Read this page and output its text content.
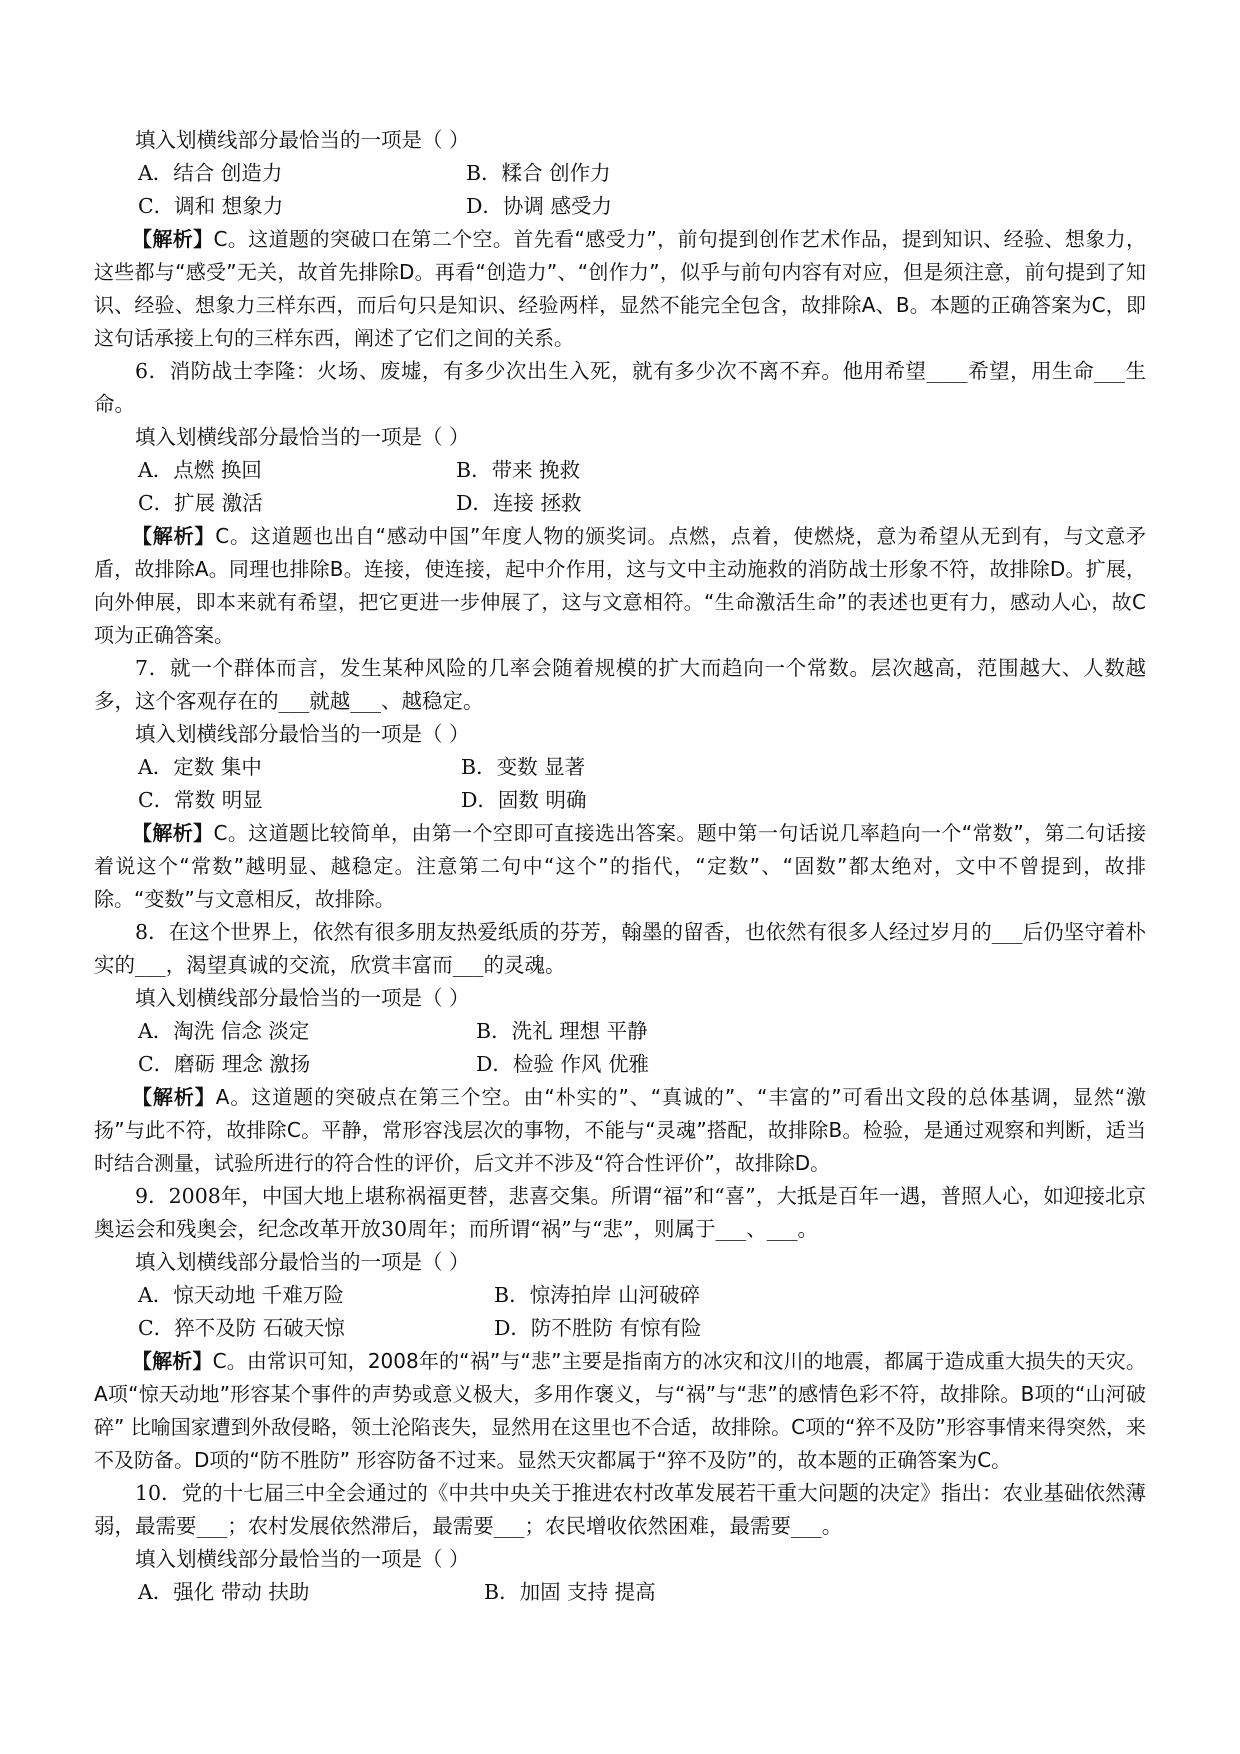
填入划横线部分最恰当的一项是（ ）

A．结合 创造力	B．糅合 创作力
C．调和 想象力	D．协调 感受力

【解析】C。这道题的突破口在第二个空。首先看“感受力”，前句提到创作艺术作品，提到知识、经验、想象力，这些都与“感受”无关，故首先排除D。再看“创造力”、“创作力”，似乎与前句内容有对应，但是须注意，前句提到了知识、经验、想象力三样东西，而后句只是知识、经验两样，显然不能完全包含，故排除A、B。本题的正确答案为C，即这句话承接上句的三样东西，阐述了它们之间的关系。

6．消防战士李隆：火场、废墟，有多少次出生入死，就有多少次不离不弃。他用希望____希望，用生命___生命。

填入划横线部分最恰当的一项是（ ）

A．点燃 换回	B．带来 挽救
C．扩展 激活	D．连接 拯救

【解析】C。这道题也出自“感动中国”年度人物的颁奖词。点燃，点着，使燃烧，意为希望从无到有，与文意矛盾，故排除A。同理也排除B。连接，使连接，起中介作用，这与文中主动施救的消防战士形象不符，故排除D。扩展，向外伸展，即本来就有希望，把它更进一步伸展了，这与文意相符。“生命激活生命”的表述也更有力，感动人心，故C项为正确答案。

7．就一个群体而言，发生某种风险的几率会随着规模的扩大而趋向一个常数。层次越高，范围越大、人数越多，这个客观存在的___就越___、越稳定。

填入划横线部分最恰当的一项是（ ）

A．定数 集中	B．变数 显著
C．常数 明显	D．固数 明确

【解析】C。这道题比较简单，由第一个空即可直接选出答案。题中第一句话说几率趋向一个“常数”，第二句话接着说这个“常数”越明显、越稳定。注意第二句中“这个”的指代，“定数”、“固数”都太绝对，文中不曾提到，故排除。“变数”与文意相反，故排除。

8．在这个世界上，依然有很多朋友热爱纸质的芬芳，翰墨的留香，也依然有很多人经过岁月的___后仍坚守着朴实的___，渴望真诚的交流，欣赏丰富而___的灵魂。

填入划横线部分最恰当的一项是（ ）

A．淘洗 信念 淡定	B．洗礼 理想 平静
C．磨砺 理念 激扬	D．检验 作风 优雅

【解析】A。这道题的突破点在第三个空。由“朴实的”、“真诚的”、“丰富的”可看出文段的总体基调，显然“激扬”与此不符，故排除C。平静，常形容浅层次的事物，不能与“灵魂”搭配，故排除B。检验，是通过观察和判断，适当时结合测量，试验所进行的符合性的评价，后文并不涉及“符合性评价”，故排除D。

9．2008年，中国大地上堪称祸福更替，悲喜交集。所谓“福”和“喜”，大抵是百年一遇，普照人心，如迎接北京奥运会和残奥会，纪念改革开放30周年；而所谓“祸”与“悲”，则属于___、___。

填入划横线部分最恰当的一项是（ ）

A．惊天动地 千难万险	B．惊涛拍岸 山河破碎
C．猝不及防 石破天惊	D．防不胜防 有惊有险

【解析】C。由常识可知，2008年的“祸”与“悲”主要是指南方的冰灾和汶川的地震，都属于造成重大损失的天灾。A项“惊天动地”形容某个事件的声势或意义极大，多用作褒义，与“祸”与“悲”的感情色彩不符，故排除。B项的“山河破碎” 比喻国家遭到外敌侵略，领土沦陷丧失，显然用在这里也不合适，故排除。C项的“猝不及防”形容事情来得突然，来不及防备。D项的“防不胜防” 形容防备不过来。显然天灾都属于“猝不及防”的，故本题的正确答案为C。

10．党的十七届三中全会通过的《中共中央关于推进农村改革发展若干重大问题的决定》指出：农业基础依然薄弱，最需要___；农村发展依然滞后，最需要___；农民增收依然困难，最需要___。

填入划横线部分最恰当的一项是（ ）

A．强化 带动 扶助	B．加固 支持 提高
